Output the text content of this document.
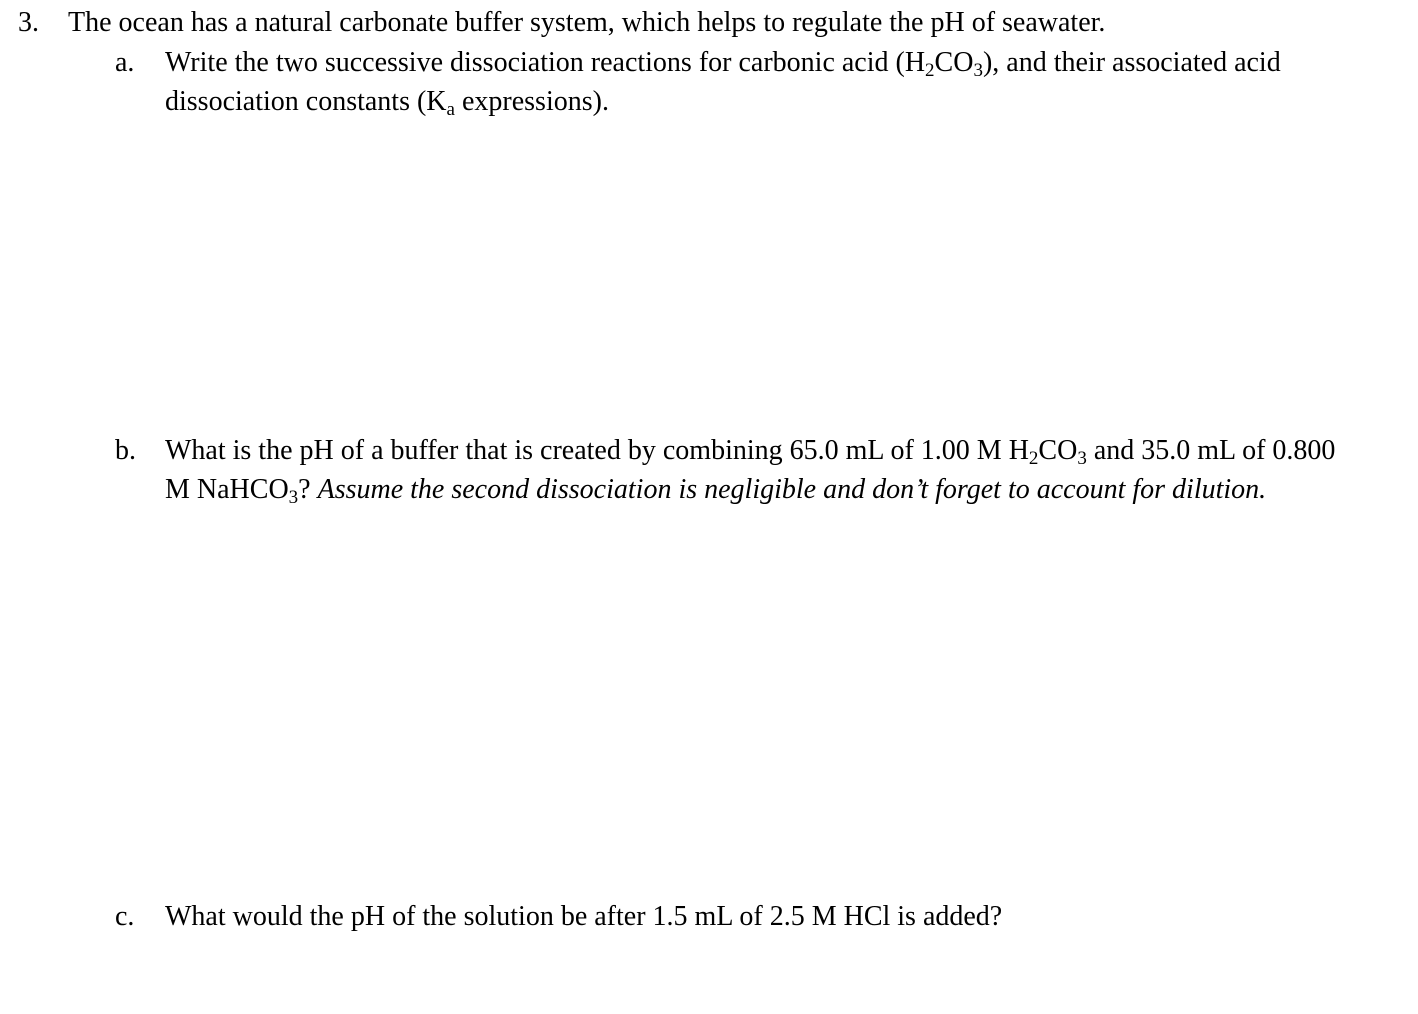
3. The ocean has a natural carbonate buffer system, which helps to regulate the pH of seawater.
a. Write the two successive dissociation reactions for carbonic acid $(H_2CO_3)$, and their associated acid
dissociation constants ($K_a$ expressions).
b. What is the pH of a buffer that is created by combining 65.0 mL of 1.00 M $H_2CO_3$ and 35.0 mL of 0.800
M NaHCO$_3$? Assume the second dissociation is negligible and don’t forget to account for dilution.
c. What would the pH of the solution be after 1.5 mL of 2.5 M HCl is added?
